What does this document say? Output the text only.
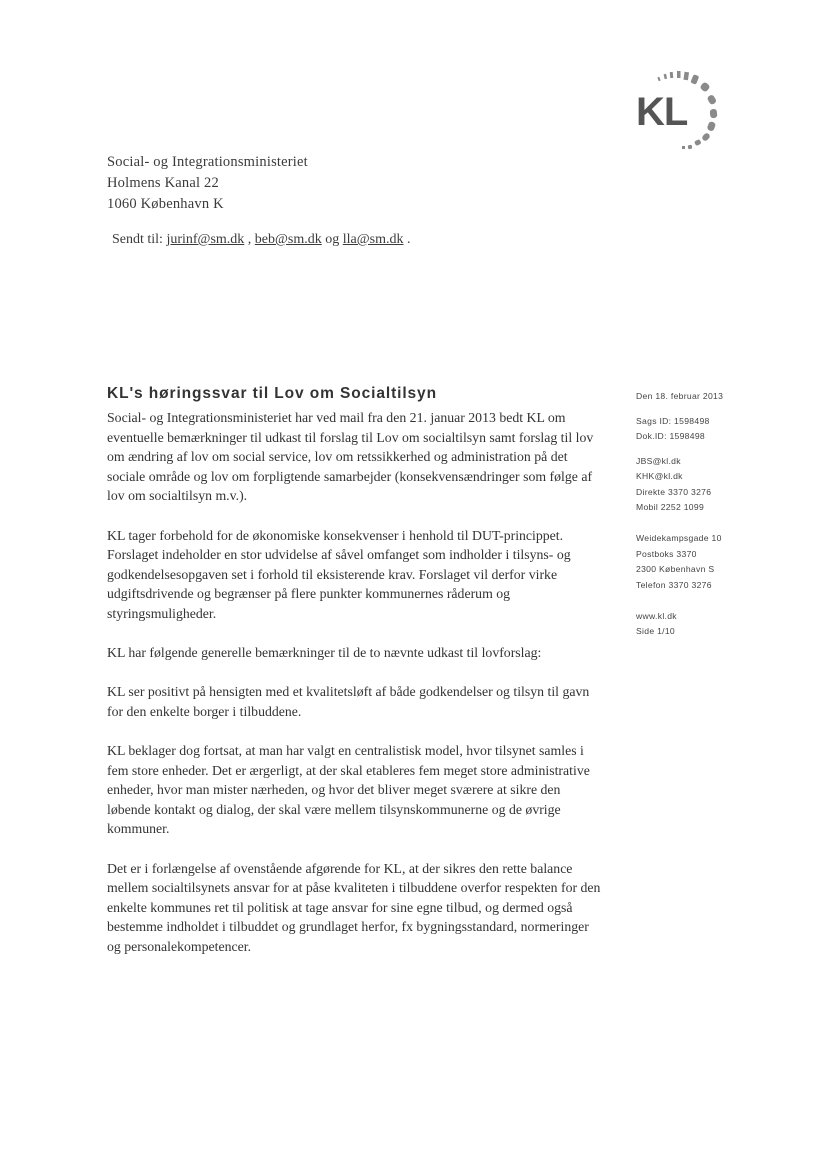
KL
Social- og Integrationsministeriet
Holmens Kanal 22
1060 København K
Sendt til: jurinf@sm.dk , beb@sm.dk og lla@sm.dk .
KL's høringssvar til Lov om Socialtilsyn

Social- og Integrationsministeriet har ved mail fra den 21. januar 2013 bedt KL om eventuelle bemærkninger til udkast til forslag til Lov om socialtilsyn samt forslag til lov om ændring af lov om social service, lov om retssikkerhed og administration på det sociale område og lov om forpligtende samarbejder (konsekvensændringer som følge af lov om socialtilsyn m.v.).

KL tager forbehold for de økonomiske konsekvenser i henhold til DUT-princippet. Forslaget indeholder en stor udvidelse af såvel omfanget som indholder i tilsyns- og godkendelsesopgaven set i forhold til eksisterende krav. Forslaget vil derfor virke udgiftsdrivende og begrænser på flere punkter kommunernes råderum og styringsmuligheder.

KL har følgende generelle bemærkninger til de to nævnte udkast til lovforslag:

KL ser positivt på hensigten med et kvalitetsløft af både godkendelser og tilsyn til gavn for den enkelte borger i tilbuddene.

KL beklager dog fortsat, at man har valgt en centralistisk model, hvor tilsynet samles i fem store enheder. Det er ærgerligt, at der skal etableres fem meget store administrative enheder, hvor man mister nærheden, og hvor det bliver meget sværere at sikre den løbende kontakt og dialog, der skal være mellem tilsynskommunerne og de øvrige kommuner.

Det er i forlængelse af ovenstående afgørende for KL, at der sikres den rette balance mellem socialtilsynets ansvar for at påse kvaliteten i tilbuddene overfor respekten for den enkelte kommunes ret til politisk at tage ansvar for sine egne tilbud, og dermed også bestemme indholdet i tilbuddet og grundlaget herfor, fx bygningsstandard, normeringer og personalekompetencer.

Den 18. februar 2013
Sags ID: 1598498
Dok.ID: 1598498
JBS@kl.dk
KHK@kl.dk
Direkte 3370 3276
Mobil 2252 1099
Weidekampsgade 10
Postboks 3370
2300 København S
Telefon 3370 3276
www.kl.dk
Side 1/10
